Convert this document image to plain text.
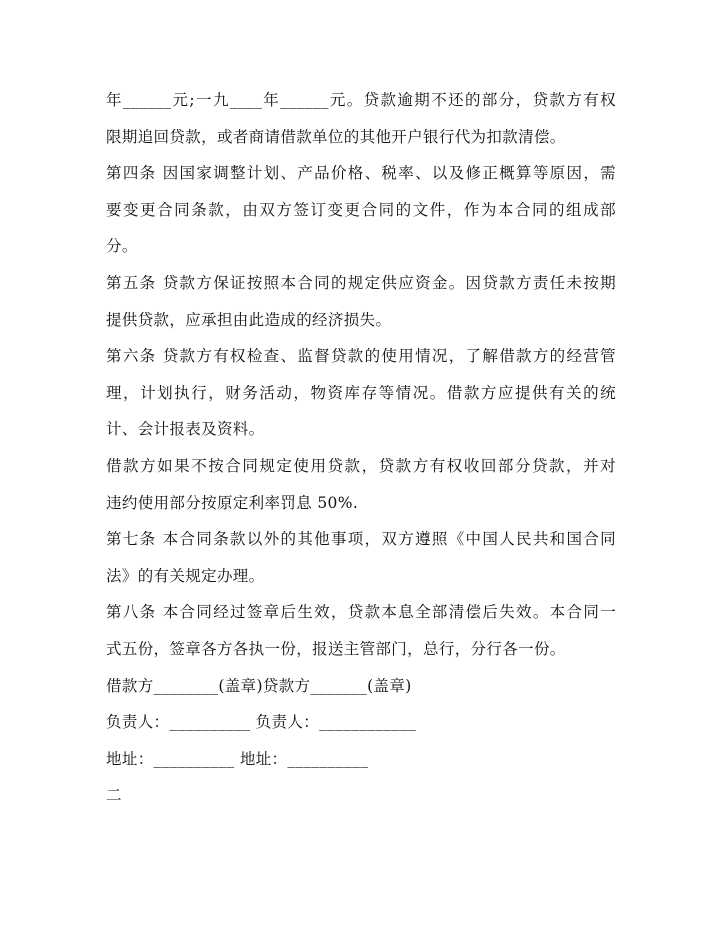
年______元;一九____年______元。贷款逾期不还的部分，贷款方有权

限期追回贷款，或者商请借款单位的其他开户银行代为扣款清偿。

第四条 因国家调整计划、产品价格、税率、以及修正概算等原因，需

要变更合同条款，由双方签订变更合同的文件，作为本合同的组成部

分。

第五条 贷款方保证按照本合同的规定供应资金。因贷款方责任未按期

提供贷款，应承担由此造成的经济损失。

第六条 贷款方有权检查、监督贷款的使用情况，了解借款方的经营管

理，计划执行，财务活动，物资库存等情况。借款方应提供有关的统

计、会计报表及资料。

借款方如果不按合同规定使用贷款，贷款方有权收回部分贷款，并对

违约使用部分按原定利率罚息 50%.

第七条 本合同条款以外的其他事项，双方遵照《中国人民共和国合同

法》的有关规定办理。

第八条 本合同经过签章后生效，贷款本息全部清偿后失效。本合同一

式五份，签章各方各执一份，报送主管部门，总行，分行各一份。

借款方________(盖章)贷款方_______(盖章)

负责人：__________ 负责人：____________

地址：__________ 地址：__________

二
